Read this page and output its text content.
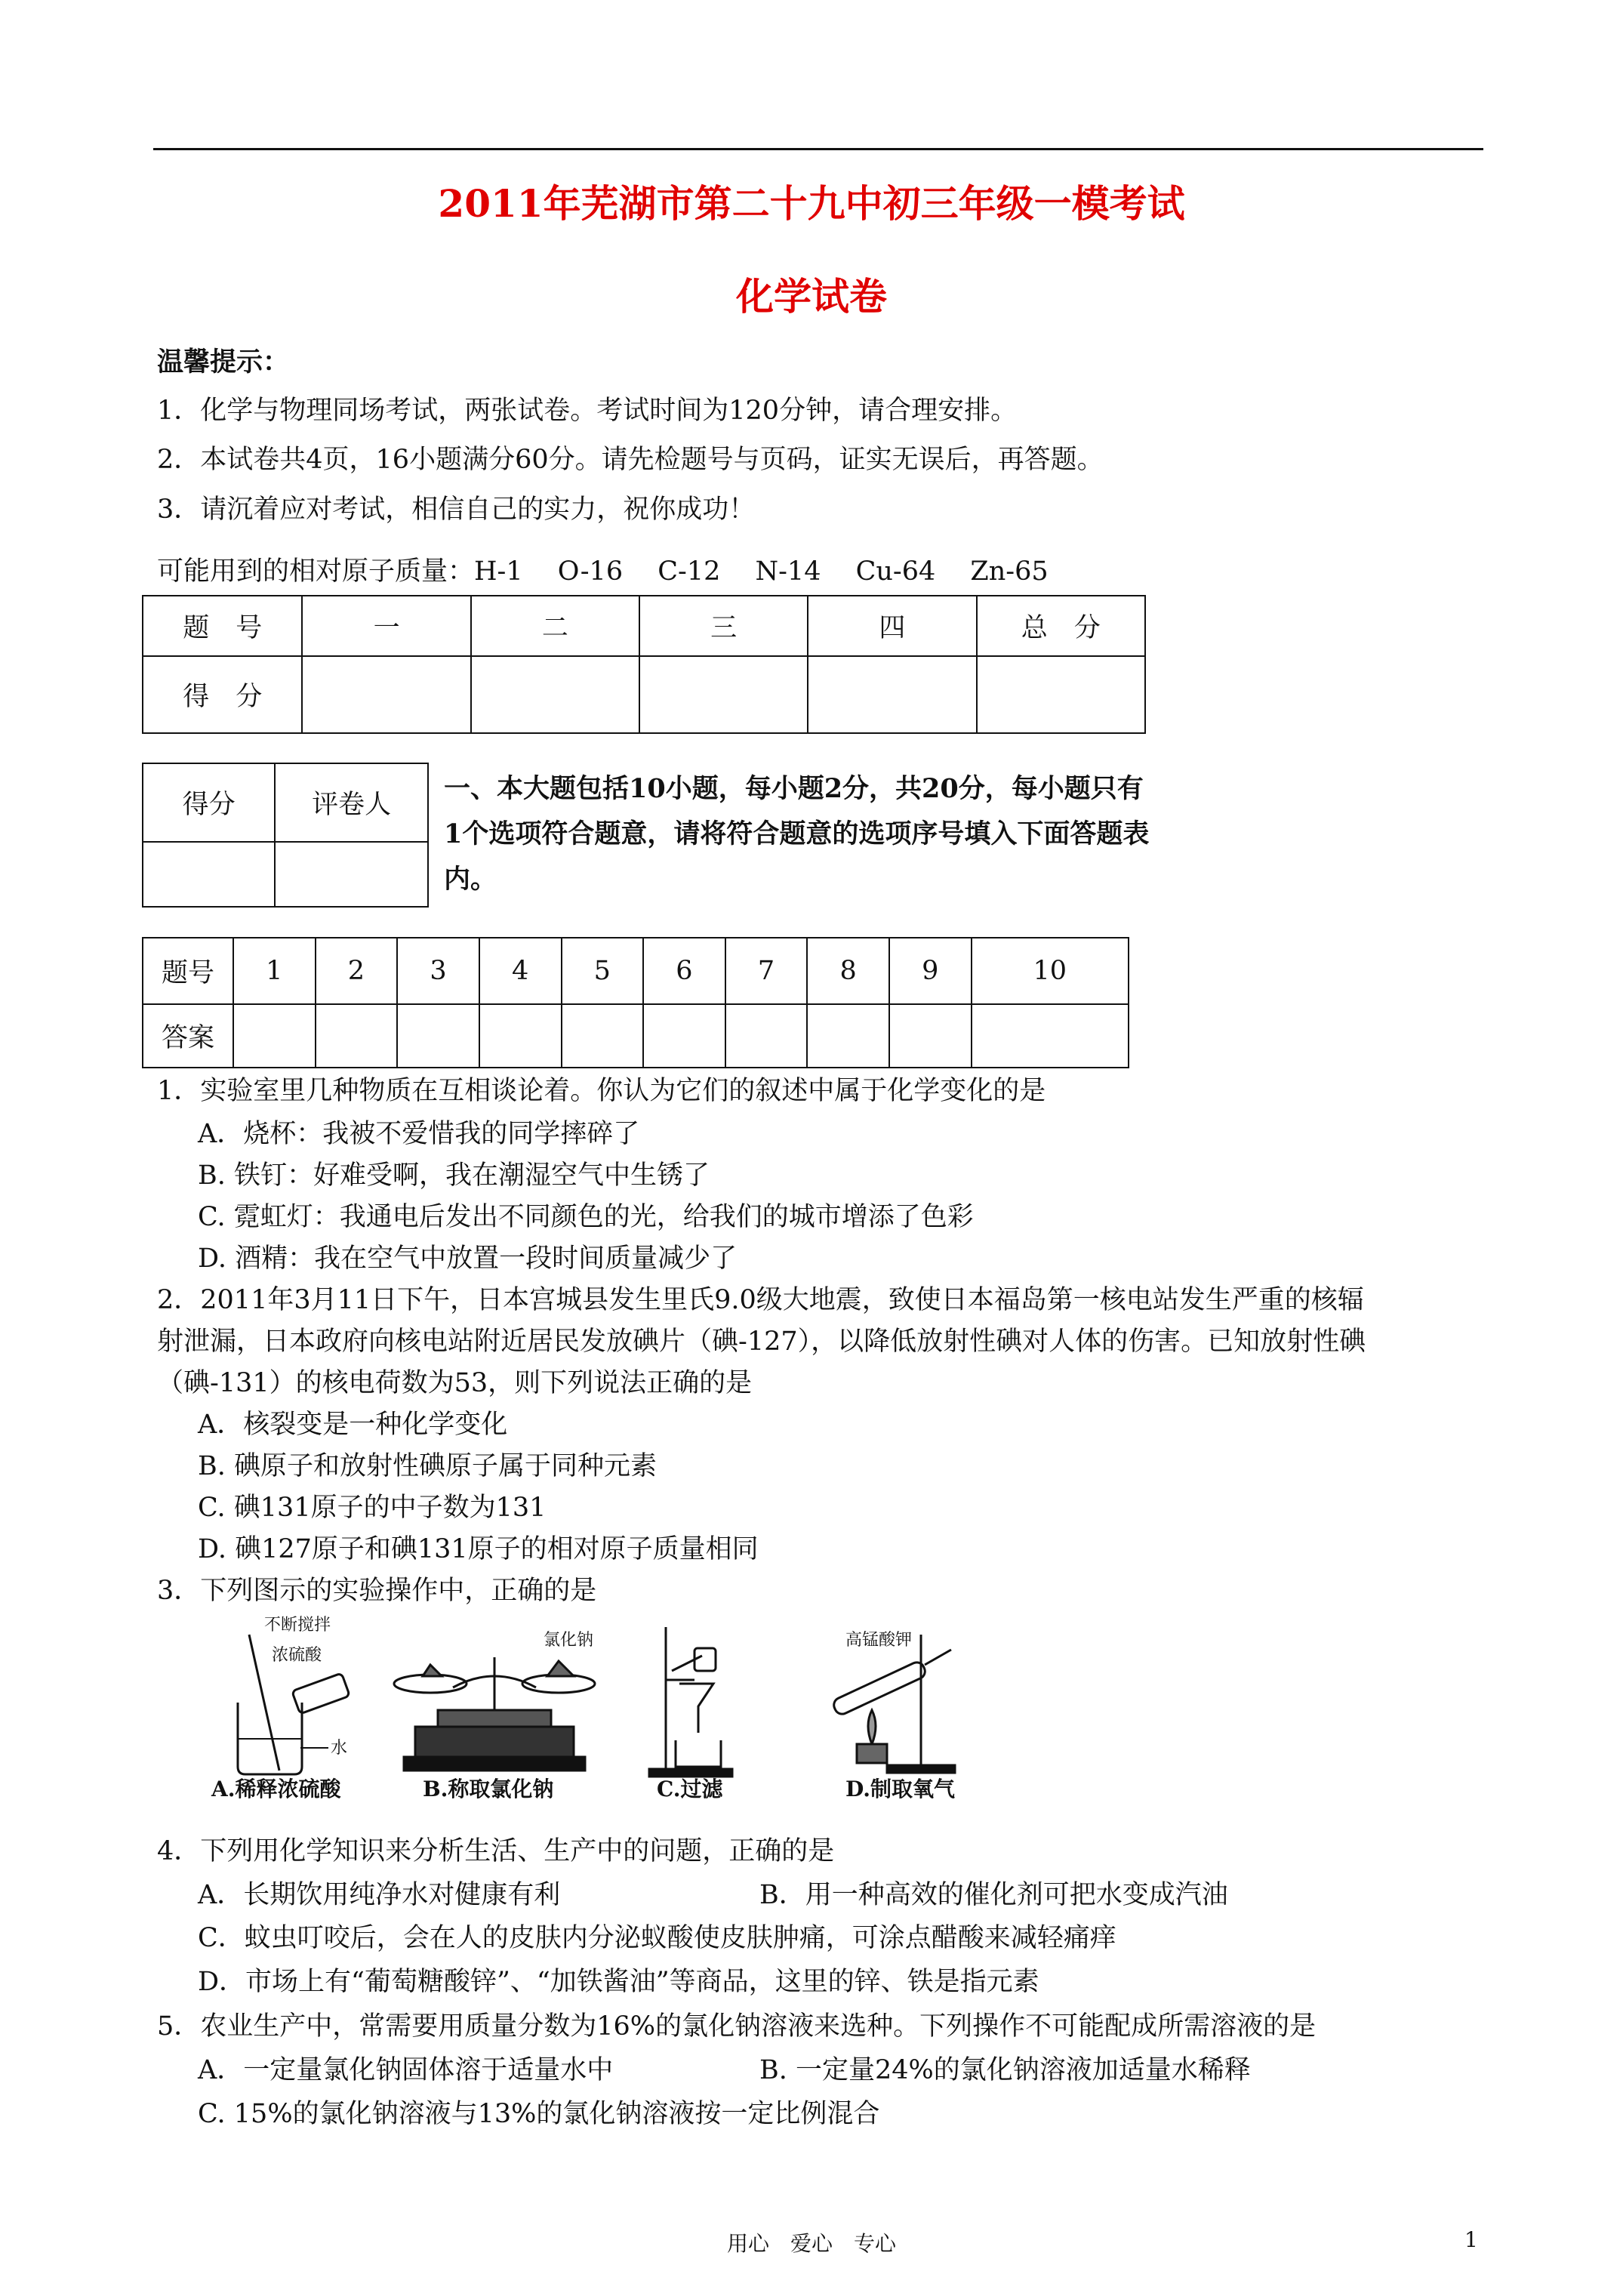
2011年芜湖市第二十九中初三年级一模考试
化学试卷
温馨提示：
1．化学与物理同场考试，两张试卷。考试时间为120分钟，请合理安排。
2．本试卷共4页，16小题满分60分。请先检题号与页码，证实无误后，再答题。
3．请沉着应对考试，相信自己的实力，祝你成功！
可能用到的相对原子质量：H-1　 O-16　 C-12　 N-14　 Cu-64　 Zn-65
题　号	一	二	三	四	总　分
得　分					
得分	评卷人

一、本大题包括10小题，每小题2分，共20分，每小题只有1个选项符合题意，请将符合题意的选项序号填入下面答题表内。
题号	1	2	3	4	5	6	7	8	9	10
答案										
1．实验室里几种物质在互相谈论着。你认为它们的叙述中属于化学变化的是
A．烧杯：我被不爱惜我的同学摔碎了
B. 铁钉：好难受啊，我在潮湿空气中生锈了
C. 霓虹灯：我通电后发出不同颜色的光，给我们的城市增添了色彩
D. 酒精：我在空气中放置一段时间质量减少了
2．2011年3月11日下午，日本宫城县发生里氏9.0级大地震，致使日本福岛第一核电站发生严重的核辐
射泄漏，日本政府向核电站附近居民发放碘片（碘-127），以降低放射性碘对人体的伤害。已知放射性碘
（碘-131）的核电荷数为53，则下列说法正确的是
A．核裂变是一种化学变化
B. 碘原子和放射性碘原子属于同种元素
C. 碘131原子的中子数为131
D. 碘127原子和碘131原子的相对原子质量相同
3．下列图示的实验操作中，正确的是
不断搅拌
浓硫酸
水
氯化钠	高锰酸钾
A.稀释浓硫酸	B.称取氯化钠	C.过滤	D.制取氧气
4．下列用化学知识来分析生活、生产中的问题，正确的是
A．长期饮用纯净水对健康有利	B．用一种高效的催化剂可把水变成汽油
C．蚊虫叮咬后，会在人的皮肤内分泌蚁酸使皮肤肿痛，可涂点醋酸来减轻痛痒
D．市场上有“葡萄糖酸锌”、“加铁酱油”等商品，这里的锌、铁是指元素
5．农业生产中，常需要用质量分数为16%的氯化钠溶液来选种。下列操作不可能配成所需溶液的是
A．一定量氯化钠固体溶于适量水中	B. 一定量24%的氯化钠溶液加适量水稀释
C. 15%的氯化钠溶液与13%的氯化钠溶液按一定比例混合
用心　爱心　专心	1
